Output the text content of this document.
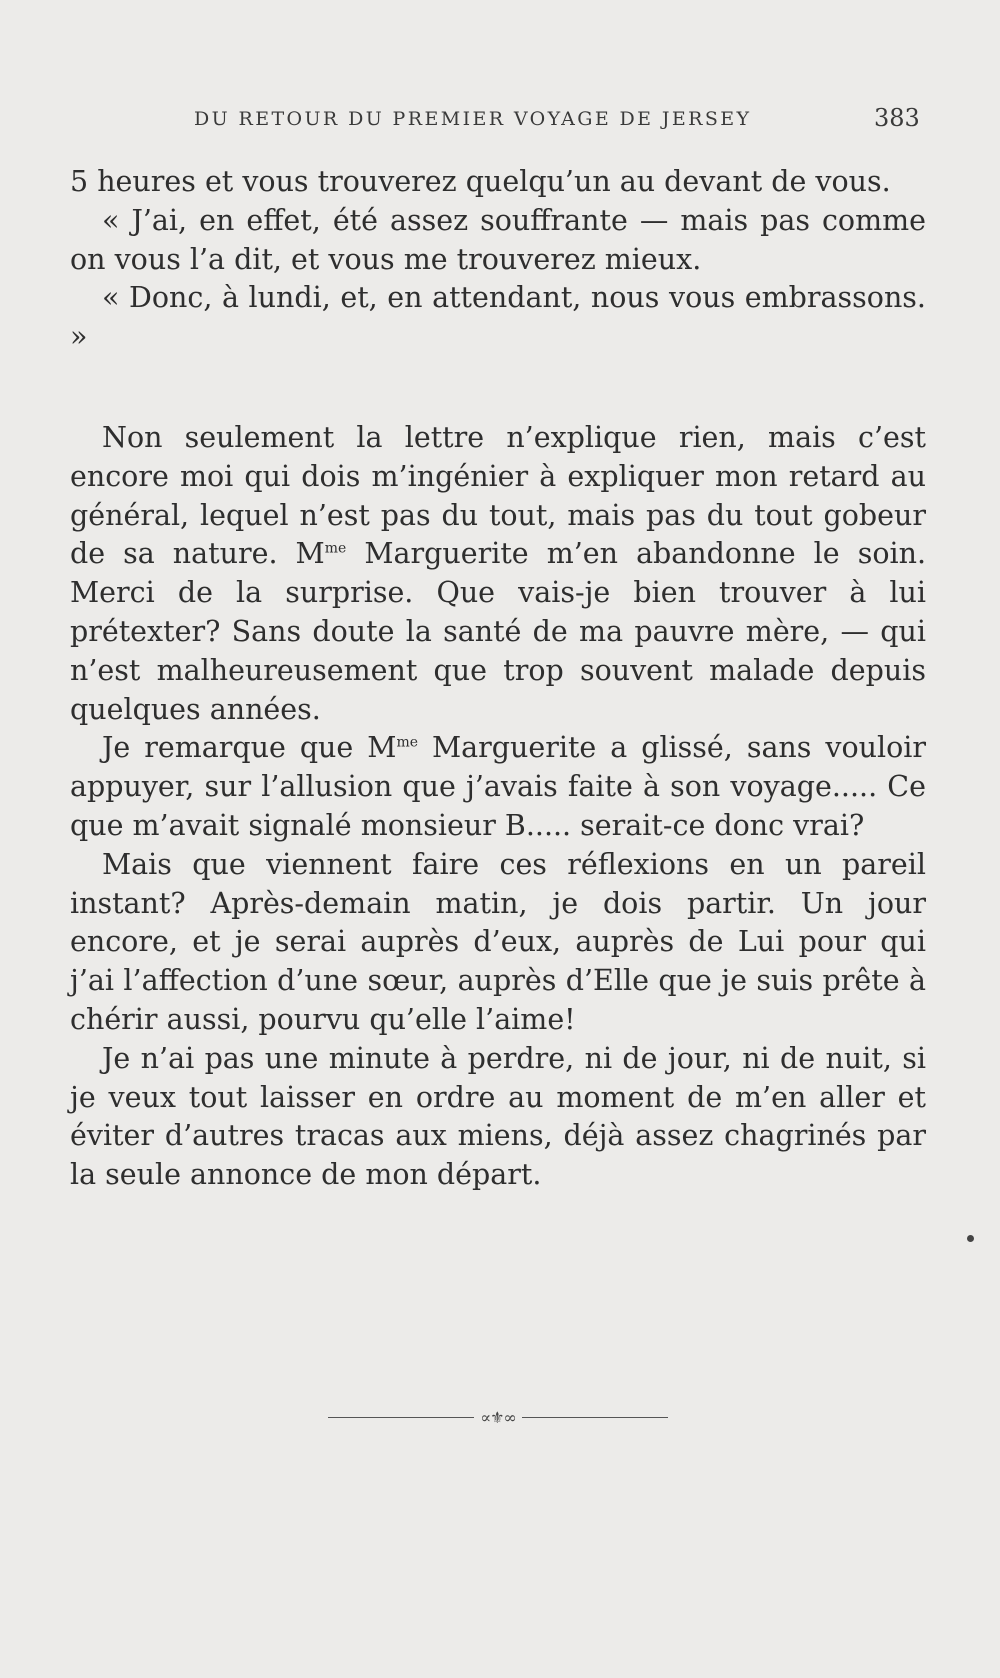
DU RETOUR DU PREMIER VOYAGE DE JERSEY	383

5 heures et vous trouverez quelqu’un au devant de vous.

« J’ai, en effet, été assez souffrante — mais pas comme on vous l’a dit, et vous me trouverez mieux.

« Donc, à lundi, et, en attendant, nous vous embrassons. »

Non seulement la lettre n’explique rien, mais c’est encore moi qui dois m’ingénier à expliquer mon retard au général, lequel n’est pas du tout, mais pas du tout gobeur de sa nature. $M^{me}$ Marguerite m’en abandonne le soin. Merci de la surprise. Que vais-je bien trouver à lui prétexter? Sans doute la santé de ma pauvre mère, — qui n’est malheureusement que trop souvent malade depuis quelques années.

Je remarque que $M^{me}$ Marguerite a glissé, sans vouloir appuyer, sur l’allusion que j’avais faite à son voyage..... Ce que m’avait signalé monsieur B..... serait-ce donc vrai?

Mais que viennent faire ces réflexions en un pareil instant? Après-demain matin, je dois partir. Un jour encore, et je serai auprès d’eux, auprès de Lui pour qui j’ai l’affection d’une sœur, auprès d’Elle que je suis prête à chérir aussi, pourvu qu’elle l’aime!

Je n’ai pas une minute à perdre, ni de jour, ni de nuit, si je veux tout laisser en ordre au moment de m’en aller et éviter d’autres tracas aux miens, déjà assez chagrinés par la seule annonce de mon départ.

∝⚜∞
